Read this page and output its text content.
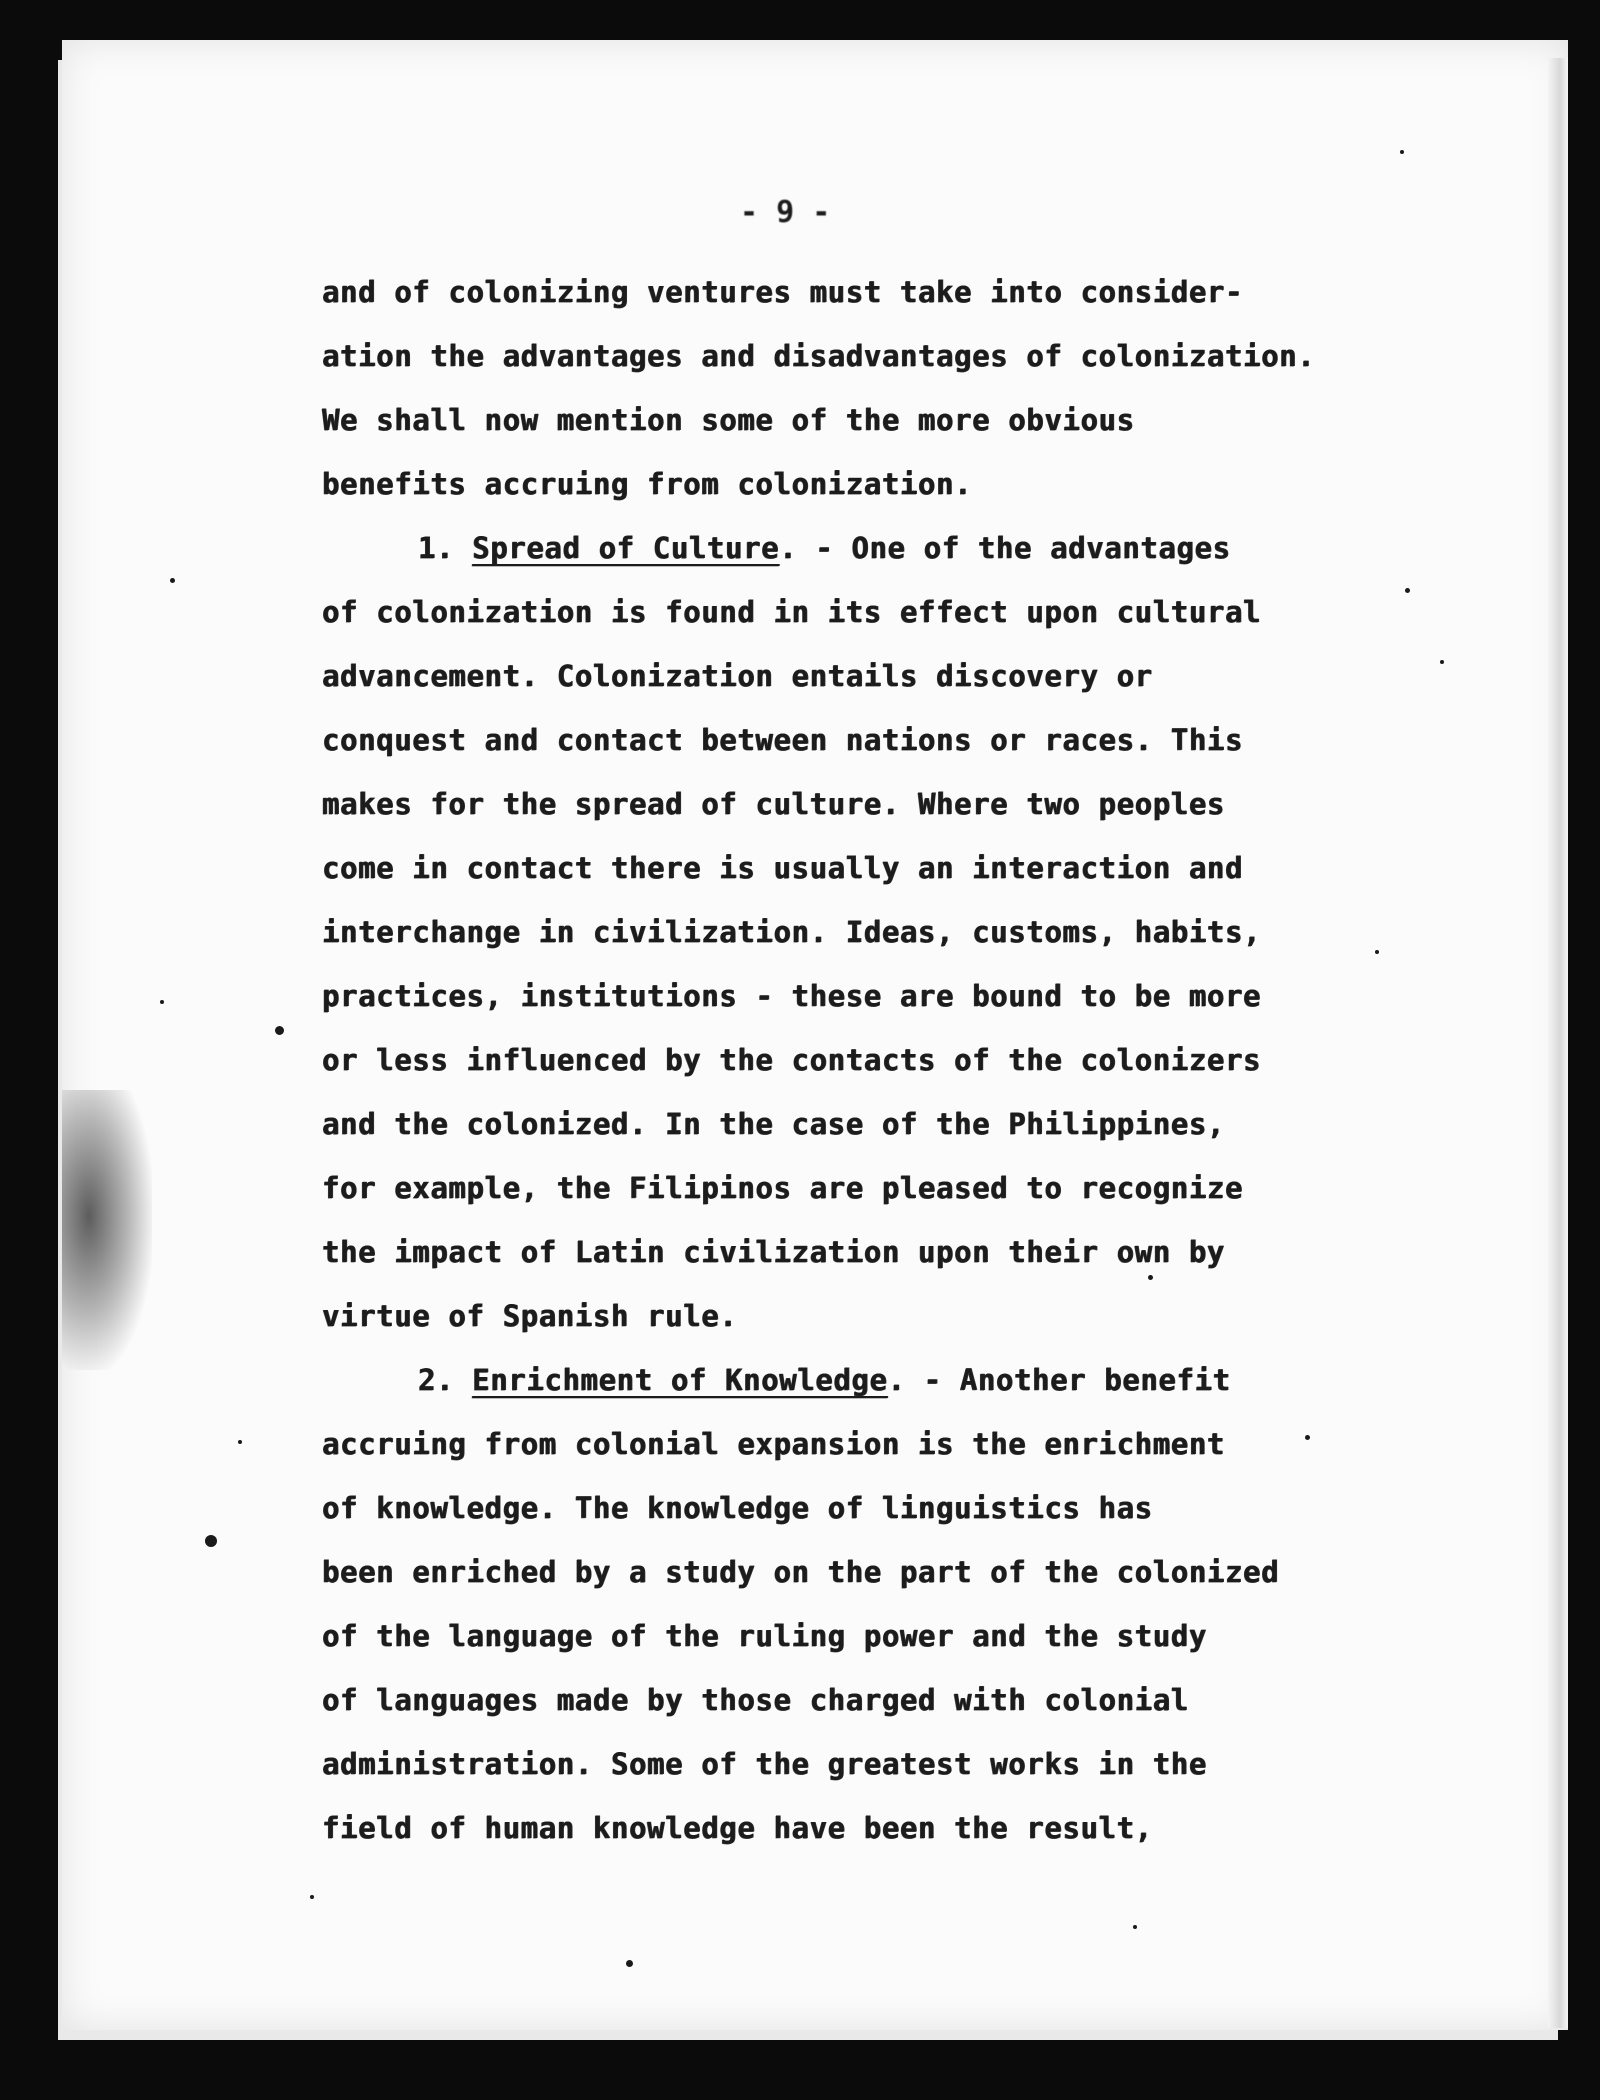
- 9 -
and of colonizing ventures must take into consider-
ation the advantages and disadvantages of colonization.
We shall now mention some of the more obvious
benefits accruing from colonization.
1. Spread of Culture. - One of the advantages
of colonization is found in its effect upon cultural
advancement. Colonization entails discovery or
conquest and contact between nations or races. This
makes for the spread of culture. Where two peoples
come in contact there is usually an interaction and
interchange in civilization. Ideas, customs, habits,
practices, institutions - these are bound to be more
or less influenced by the contacts of the colonizers
and the colonized. In the case of the Philippines,
for example, the Filipinos are pleased to recognize
the impact of Latin civilization upon their own by
virtue of Spanish rule.
2. Enrichment of Knowledge. - Another benefit
accruing from colonial expansion is the enrichment
of knowledge. The knowledge of linguistics has
been enriched by a study on the part of the colonized
of the language of the ruling power and the study
of languages made by those charged with colonial
administration. Some of the greatest works in the
field of human knowledge have been the result,
